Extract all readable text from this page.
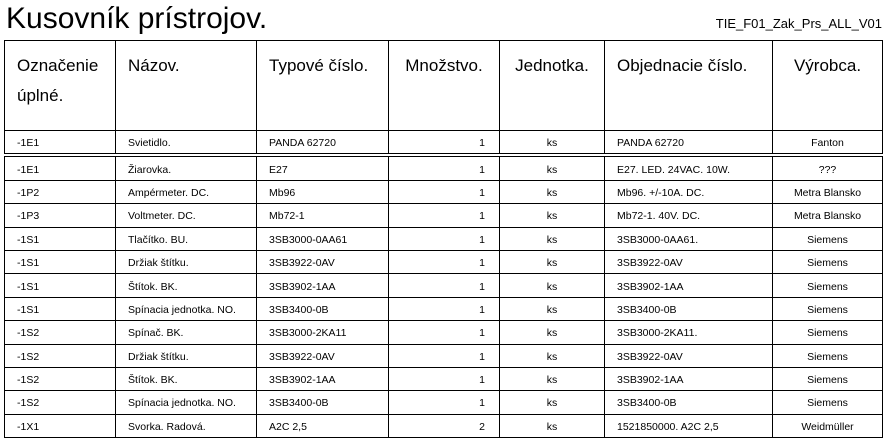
Kusovník prístrojov.	TIE_F01_Zak_Prs_ALL_V01
Označenie úplné.	Názov.	Typové číslo.	Množstvo.	Jednotka.	Objednacie číslo.	Výrobca.
-1E1	Svietidlo.	PANDA 62720	1	ks	PANDA 62720	Fanton
-1E1	Žiarovka.	E27	1	ks	E27. LED. 24VAC. 10W.	???
-1P2	Ampérmeter. DC.	Mb96	1	ks	Mb96. +/-10A. DC.	Metra Blansko
-1P3	Voltmeter. DC.	Mb72-1	1	ks	Mb72-1. 40V. DC.	Metra Blansko
-1S1	Tlačítko. BU.	3SB3000-0AA61	1	ks	3SB3000-0AA61.	Siemens
-1S1	Držiak štítku.	3SB3922-0AV	1	ks	3SB3922-0AV	Siemens
-1S1	Štítok. BK.	3SB3902-1AA	1	ks	3SB3902-1AA	Siemens
-1S1	Spínacia jednotka. NO.	3SB3400-0B	1	ks	3SB3400-0B	Siemens
-1S2	Spínač. BK.	3SB3000-2KA11	1	ks	3SB3000-2KA11.	Siemens
-1S2	Držiak štítku.	3SB3922-0AV	1	ks	3SB3922-0AV	Siemens
-1S2	Štítok. BK.	3SB3902-1AA	1	ks	3SB3902-1AA	Siemens
-1S2	Spínacia jednotka. NO.	3SB3400-0B	1	ks	3SB3400-0B	Siemens
-1X1	Svorka. Radová.	A2C 2,5	2	ks	1521850000. A2C 2,5	Weidmüller
